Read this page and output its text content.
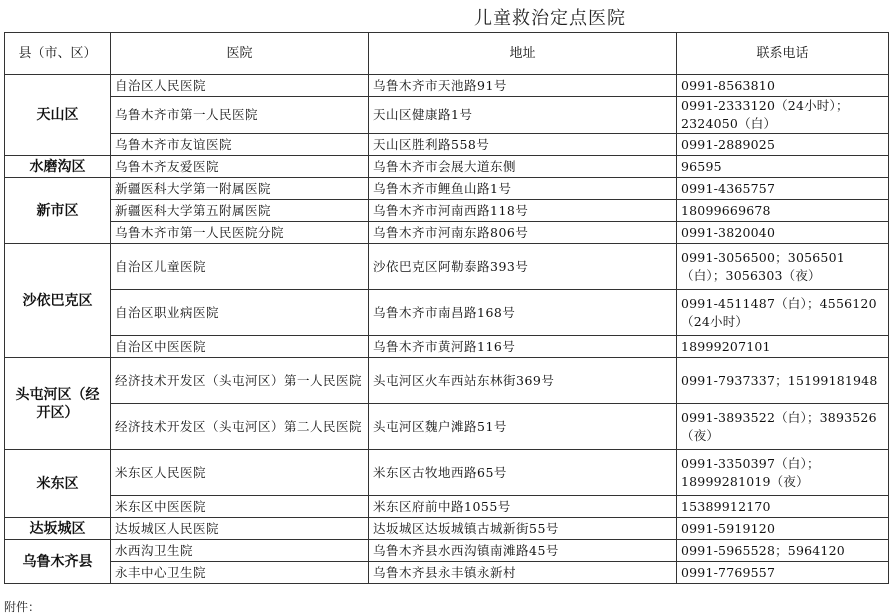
儿童救治定点医院
县（市、区）	医院	地址	联系电话
天山区	自治区人民医院	乌鲁木齐市天池路91号	0991-8563810
	乌鲁木齐市第一人民医院	天山区健康路1号	0991-2333120（24小时）；2324050（白）
	乌鲁木齐市友谊医院	天山区胜利路558号	0991-2889025
水磨沟区	乌鲁木齐友爱医院	乌鲁木齐市会展大道东侧	96595
新市区	新疆医科大学第一附属医院	乌鲁木齐市鲤鱼山路1号	0991-4365757
	新疆医科大学第五附属医院	乌鲁木齐市河南西路118号	18099669678
	乌鲁木齐市第一人民医院分院	乌鲁木齐市河南东路806号	0991-3820040
沙依巴克区	自治区儿童医院	沙依巴克区阿勒泰路393号	0991-3056500；3056501（白）；3056303（夜）
	自治区职业病医院	乌鲁木齐市南昌路168号	0991-4511487（白）；4556120（24小时）
	自治区中医医院	乌鲁木齐市黄河路116号	18999207101
头屯河区（经开区）	经济技术开发区（头屯河区）第一人民医院	头屯河区火车西站东林街369号	0991-7937337；15199181948
	经济技术开发区（头屯河区）第二人民医院	头屯河区魏户滩路51号	0991-3893522（白）；3893526（夜）
米东区	米东区人民医院	米东区古牧地西路65号	0991-3350397（白）；18999281019（夜）
	米东区中医医院	米东区府前中路1055号	15389912170
达坂城区	达坂城区人民医院	达坂城区达坂城镇古城新街55号	0991-5919120
乌鲁木齐县	水西沟卫生院	乌鲁木齐县水西沟镇南滩路45号	0991-5965528；5964120
	永丰中心卫生院	乌鲁木齐县永丰镇永新村	0991-7769557
附件：
